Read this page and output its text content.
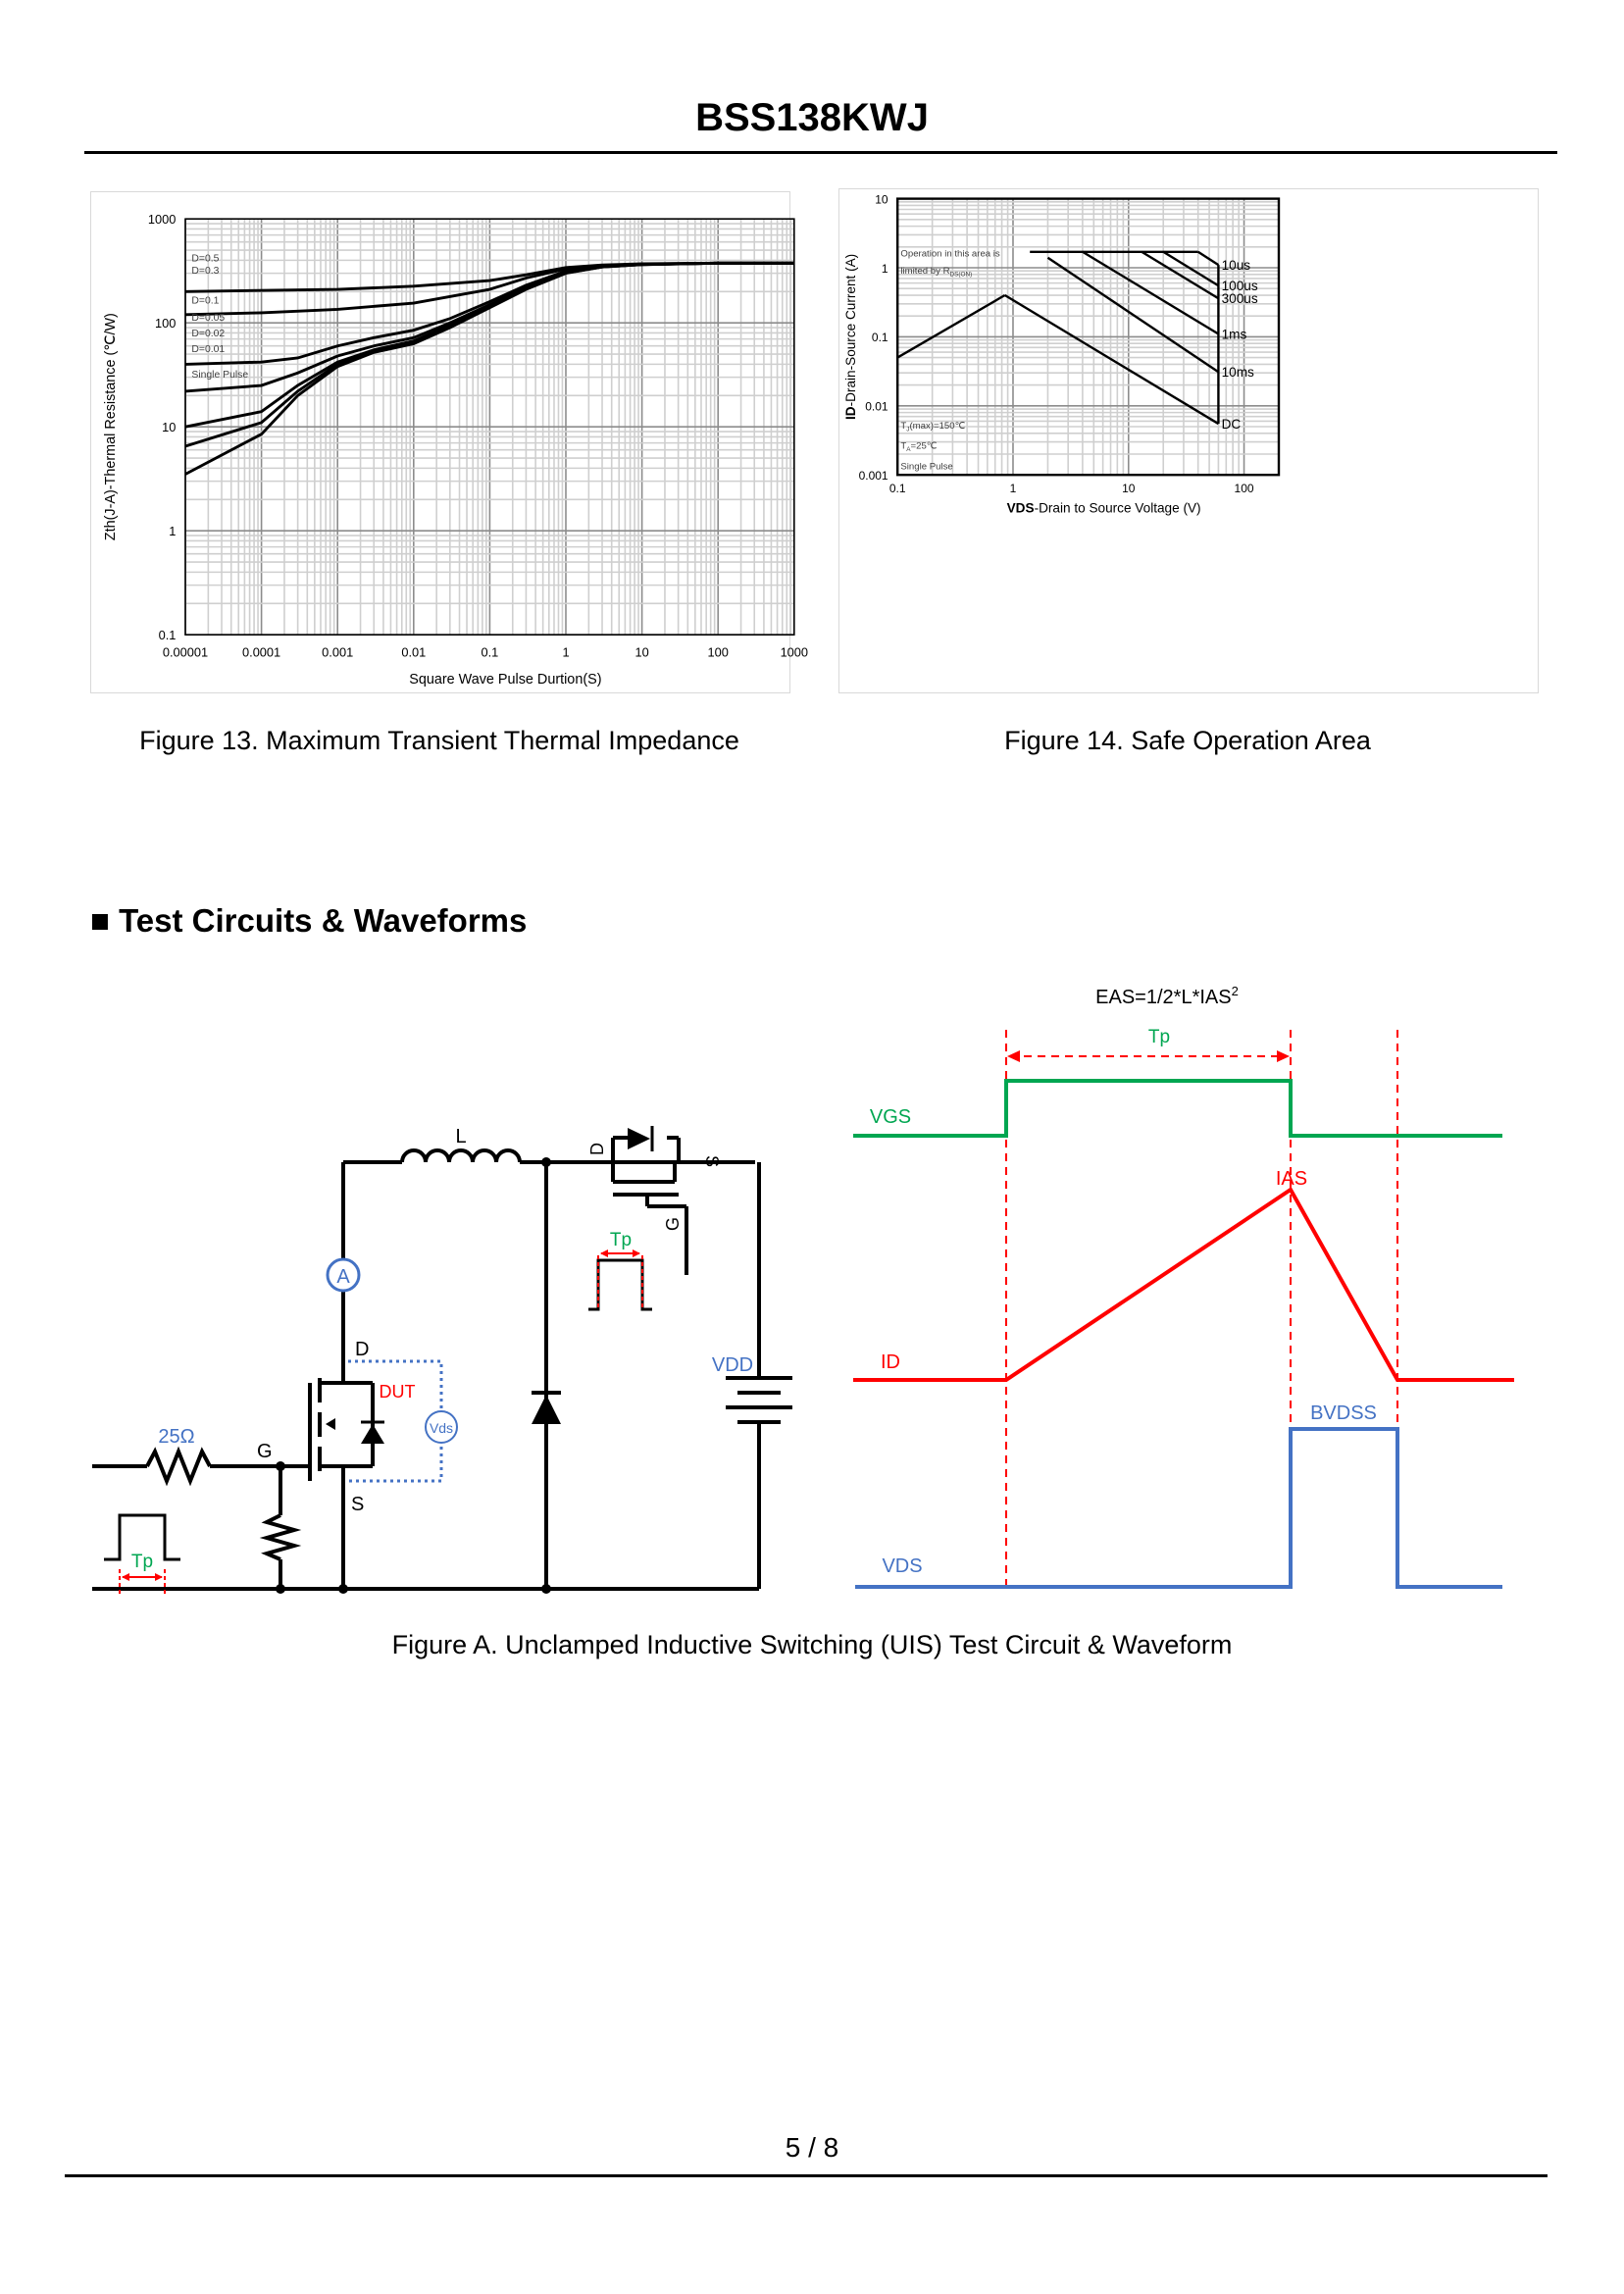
BSS138KWJ
0.00001	0.0001	0.001	0.01	0.1	1	10	100	1000
0.1
1
10
100
1000
D=0.5
D=0.3
D=0.1
D=0.05
D=0.02
D=0.01
Single Pulse
Square Wave Pulse Durtion(S)
Zth(J-A)-Thermal Resistance (℃/W)
Figure 13. Maximum Transient Thermal Impedance
0.1	1	10	100
0.001
0.01
0.1
1
10
10us
100us
300us
1ms
10ms
DC
Operation in this area is
limited by $R_{DS(ON)}$
$T_J(\max)=150℃$
$T_A=25℃$
Single Pulse
VDS-Drain to Source Voltage (V)
ID-Drain-Source Current (A)
Figure 14. Safe Operation Area
■ Test Circuits & Waveforms
A
Vds
L
D
G
S
DUT
25Ω
VDD
Tp
Tp
D
S
G
$EAS=1/2*L*IAS^2$
Tp
VGS
ID
IAS
VDS
BVDSS
Figure A. Unclamped Inductive Switching (UIS) Test Circuit & Waveform
5 / 8
